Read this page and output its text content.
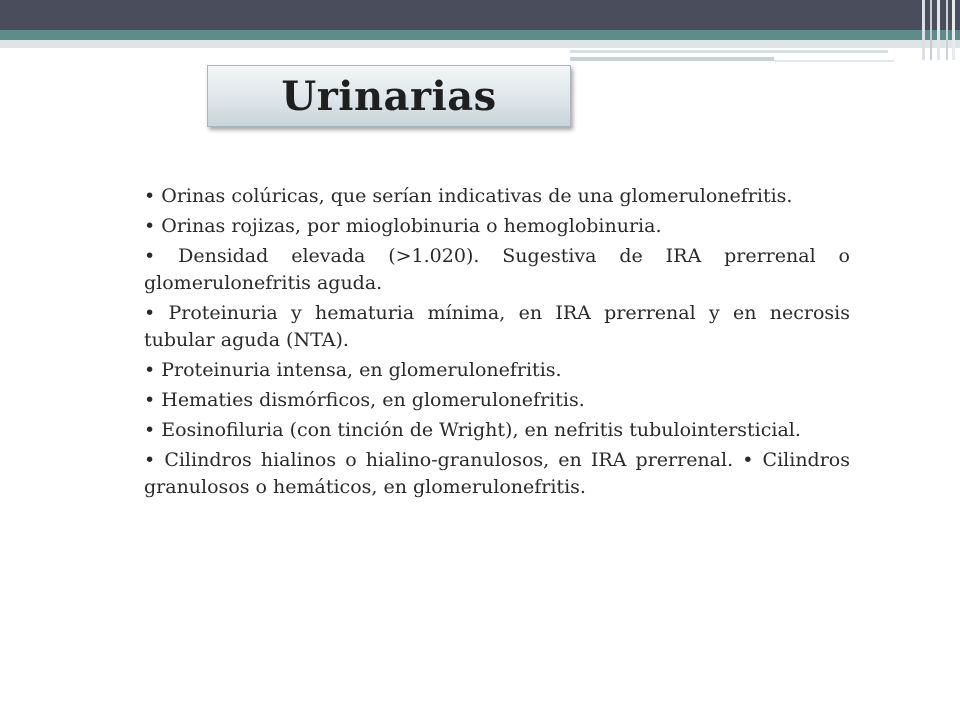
Urinarias

• Orinas colúricas, que serían indicativas de una glomerulonefritis.

• Orinas rojizas, por mioglobinuria o hemoglobinuria.

• Densidad elevada (>1.020). Sugestiva de IRA prerrenal o glomerulonefritis aguda.

• Proteinuria y hematuria mínima, en IRA prerrenal y en necrosis tubular aguda (NTA).

• Proteinuria intensa, en glomerulonefritis.

• Hematies dismórficos, en glomerulonefritis.

• Eosinofiluria (con tinción de Wright), en nefritis tubulointersticial.

• Cilindros hialinos o hialino-granulosos, en IRA prerrenal. • Cilindros granulosos o hemáticos, en glomerulonefritis.
